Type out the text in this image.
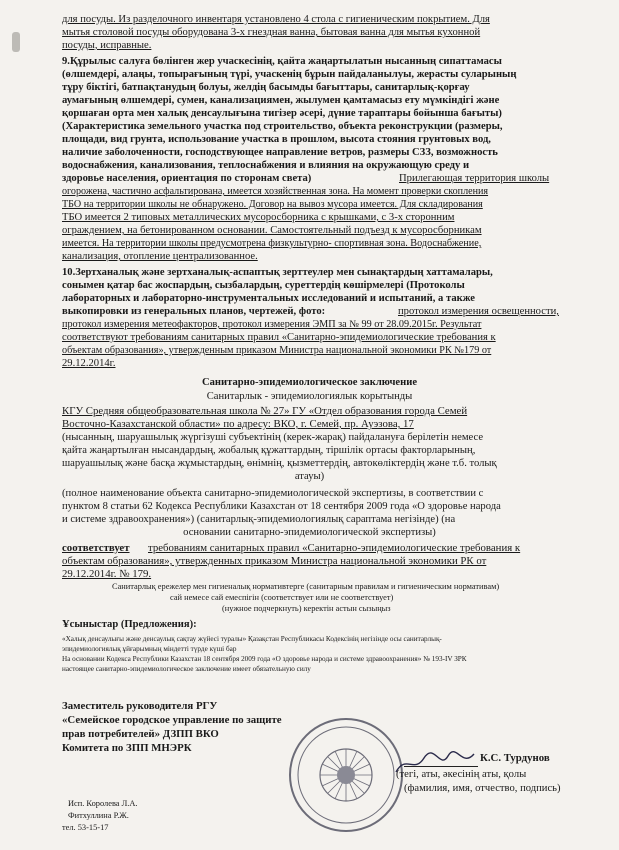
для посуды. Из разделочного инвентаря установлено 4 стола с гигиеническим покрытием. Для
мытья столовой посуды оборудована 3-х гнездная ванна, бытовая ванна для мытья кухонной
посуды, исправные.
9.Құрылыс салуға бөлінген жер учаскесінің, қайта жаңартылатын нысанның сипаттамасы
(өлшемдері, алаңы, топырағының түрі, учаскенің бұрын пайдаланылуы, жерасты суларының
тұру біктігі, батпақтанудың болуы, желдің басымды бағыттары, санитарлық-қорғау
аумағының өлшемдері, сумен, канализациямен, жылумен қамтамасыз ету мүмкіндігі және
қоршаған орта мен халық денсаулығына тигізер әсері, дүние тараптары бойынша бағыты)
(Характеристика земельного участка под строительство, объекта реконструкции (размеры,
площади, вид грунта, использование участка в прошлом, высота стояния грунтовых вод,
наличие заболоченности, господствующее направление ветров, размеры СЗЗ, возможность
водоснабжения, канализования, теплоснабжения и влияния на окружающую среду и
здоровье населения, ориентация по сторонам света)	Прилегающая территория школы
огорожена, частично асфальтирована, имеется хозяйственная зона. На момент проверки скопления
ТБО на территории школы не обнаружено. Договор на вывоз мусора имеется. Для складирования
ТБО имеется 2 типовых металлических мусоросборника с крышками, с 3-х сторонним
ограждением, на бетонированном основании. Самостоятельный подъезд к мусоросборникам
имеется. На территории школы предусмотрена физкультурно- спортивная зона. Водоснабжение,
канализация, отопление централизованное.
10.Зертханалық және зертханалық-аспаптық зерттеулер мен сынақтардың хаттамалары,
сонымен қатар бас жоспардың, сызбалардың, суреттердің көшірмелері (Протоколы
лабораторных и лабораторно-инструментальных исследований и испытаний, а также
выкопировки из генеральных планов, чертежей, фото:	протокол измерения освещенности,
протокол измерения метеофакторов, протокол измерения ЭМП за № 99 от 28.09.2015г. Результат
соответствуют требованиям санитарных правил «Санитарно-эпидемиологические требования к
объектам образования», утвержденным приказом Министра национальной экономики РК №179 от
29.12.2014г.
Санитарно-эпидемиологическое заключение
Санитарлык - эпидемиологиялык корытынды
КГУ Средняя общеобразовательная школа № 27» ГУ «Отдел образования города Семей
Восточно-Казахстанской области» по адресу: ВКО, г. Семей, пр. Ауэзова, 17
(нысанның, шаруашылық жүргізуші субъектінің (керек-жарақ) пайдалануға берілетін немесе
қайта жаңартылған нысандардың, жобалық құжаттардың, тіршілік ортасы факторларының,
шаруашылық және басқа жұмыстардың, өнімнің, қызметтердің, автокөліктердің және т.б. толық
атауы)
(полное наименование объекта санитарно-эпидемиологической экспертизы, в соответствии с
пунктом 8 статьи 62 Кодекса Республики Казахстан от 18 сентября 2009 года «О здоровье народа
и системе здравоохранения») (санитарлық-эпидемиологиялық сараптама негізінде) (на
основании санитарно-эпидемиологической экспертизы)
соответствует требованиям санитарных правил «Санитарно-эпидемиологические требования к
объектам образования», утвержденных приказом Министра национальной экономики РК от
29.12.2014г. № 179.
Санитарлық ережелер мен гигиеналық нормативтерге (санитарным правилам и гигиеническим нормативам)
сай немесе сай емеспігін (соответствует или не соответствует)
(нужное подчеркнуть) керектін астын сызыңыз
Ұсыныстар (Предложения):
«Халық денсаулығы және денсаулық сақтау жүйесі туралы» Қазақстан Республикасы Кодексінің негізінде осы санитарлық-
эпидемиологиялық ұйғарымның міндетті түрде күші бар
На основании Кодекса Республики Казахстан 18 сентября 2009 года «О здоровье народа и системе здравоохранения» № 193-IV ЗРК
настоящее санитарно-эпидемиологическое заключение имеет обязательную силу
Заместитель руководителя РГУ
«Семейское городское управление по защите
прав потребителей» ДЗПП ВКО
Комитета по ЗПП МНЭРК
К.С. Турдунов
(тегі, аты, әкесінің аты, қолы
(фамилия, имя, отчество, подпись)
Исп. Королева Л.А.
Фитхуллина Р.Ж.
тел. 53-15-17
